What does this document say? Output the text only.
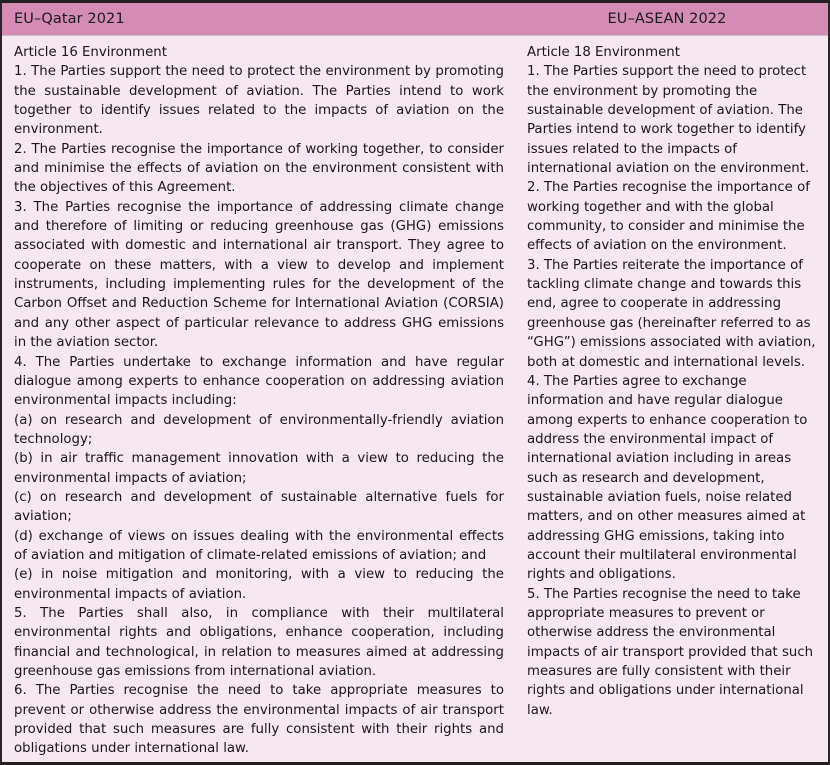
EU–Qatar 2021	EU–ASEAN 2022

Article 16 Environment

1. The Parties support the need to protect the environment by promoting the sustainable development of aviation. The Parties intend to work together to identify issues related to the impacts of aviation on the environment.

2. The Parties recognise the importance of working together, to consider and minimise the effects of aviation on the environment consistent with the objectives of this Agreement.

3. The Parties recognise the importance of addressing climate change and therefore of limiting or reducing greenhouse gas (GHG) emissions associated with domestic and international air transport. They agree to cooperate on these matters, with a view to develop and implement instruments, including implementing rules for the development of the Carbon Offset and Reduction Scheme for International Aviation (CORSIA) and any other aspect of particular relevance to address GHG emissions in the aviation sector.

4. The Parties undertake to exchange information and have regular dialogue among experts to enhance cooperation on addressing aviation environmental impacts including:

(a) on research and development of environmentally-friendly aviation technology;

(b) in air traffic management innovation with a view to reducing the environmental impacts of aviation;

(c) on research and development of sustainable alternative fuels for aviation;

(d) exchange of views on issues dealing with the environmental effects of aviation and mitigation of climate-related emissions of aviation; and

(e) in noise mitigation and monitoring, with a view to reducing the environmental impacts of aviation.

5. The Parties shall also, in compliance with their multilateral environmental rights and obligations, enhance cooperation, including financial and technological, in relation to measures aimed at addressing greenhouse gas emissions from international aviation.

6. The Parties recognise the need to take appropriate measures to prevent or otherwise address the environmental impacts of air transport provided that such measures are fully consistent with their rights and obligations under international law.

Article 18 Environment

1. The Parties support the need to protect the environment by promoting the sustainable development of aviation. The Parties intend to work together to identify issues related to the impacts of international aviation on the environment.

2. The Parties recognise the importance of working together and with the global community, to consider and minimise the effects of aviation on the environment.

3. The Parties reiterate the importance of tackling climate change and towards this end, agree to cooperate in addressing greenhouse gas (hereinafter referred to as “GHG”) emissions associated with aviation, both at domestic and international levels.

4. The Parties agree to exchange information and have regular dialogue among experts to enhance cooperation to address the environmental impact of international aviation including in areas such as research and development, sustainable aviation fuels, noise related matters, and on other measures aimed at addressing GHG emissions, taking into account their multilateral environmental rights and obligations.

5. The Parties recognise the need to take appropriate measures to prevent or otherwise address the environmental impacts of air transport provided that such measures are fully consistent with their rights and obligations under international law.
